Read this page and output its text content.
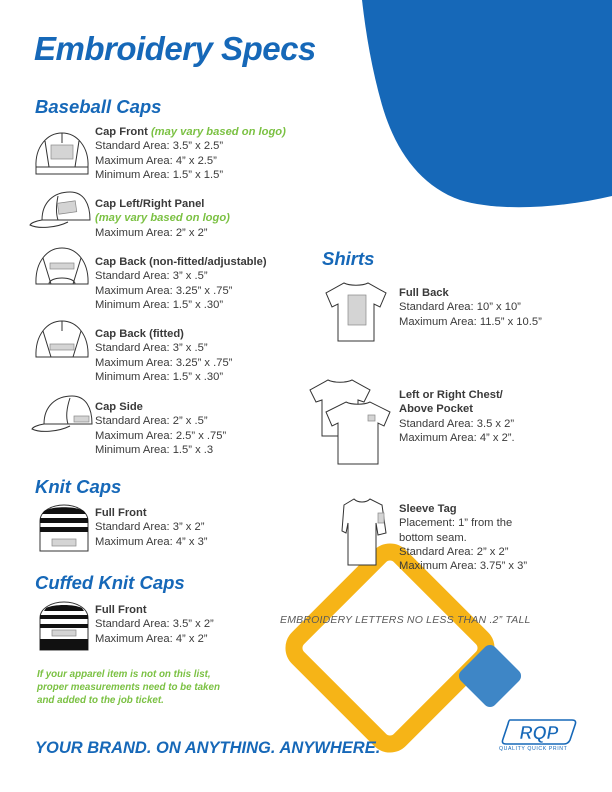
Embroidery Specs
Baseball Caps
Knit Caps
Cuffed Knit Caps
Shirts
Cap Front (may vary based on logo)
Standard Area: 3.5” x 2.5”
Maximum Area: 4” x 2.5”
Minimum Area: 1.5” x 1.5”
Cap Left/Right Panel
(may vary based on logo)
Maximum Area: 2” x 2”
Cap Back (non-fitted/adjustable)
Standard Area: 3” x .5”
Maximum Area: 3.25” x .75”
Minimum Area: 1.5” x .30”
Cap Back (fitted)
Standard Area: 3” x .5”
Maximum Area: 3.25” x .75”
Minimum Area: 1.5” x .30”
Cap Side
Standard Area: 2” x .5”
Maximum Area: 2.5” x .75”
Minimum Area: 1.5” x .3
Full Front
Standard Area: 3” x 2”
Maximum Area: 4” x 3”
Full Front
Standard Area: 3.5” x 2”
Maximum Area: 4” x 2”
Full Back
Standard Area: 10” x 10”
Maximum Area: 11.5” x 10.5”
Left or Right Chest/
Above Pocket
Standard Area: 3.5 x 2”
Maximum Area: 4” x 2”.
Sleeve Tag
Placement: 1” from the
bottom seam.
Standard Area: 2” x 2”
Maximum Area: 3.75” x 3”
EMBROIDERY LETTERS NO LESS THAN .2” TALL
If your apparel item is not on this list,
proper measurements need to be taken
and added to the job ticket.
YOUR BRAND. ON ANYTHING. ANYWHERE.
RQP
QUALITY QUICK PRINT
